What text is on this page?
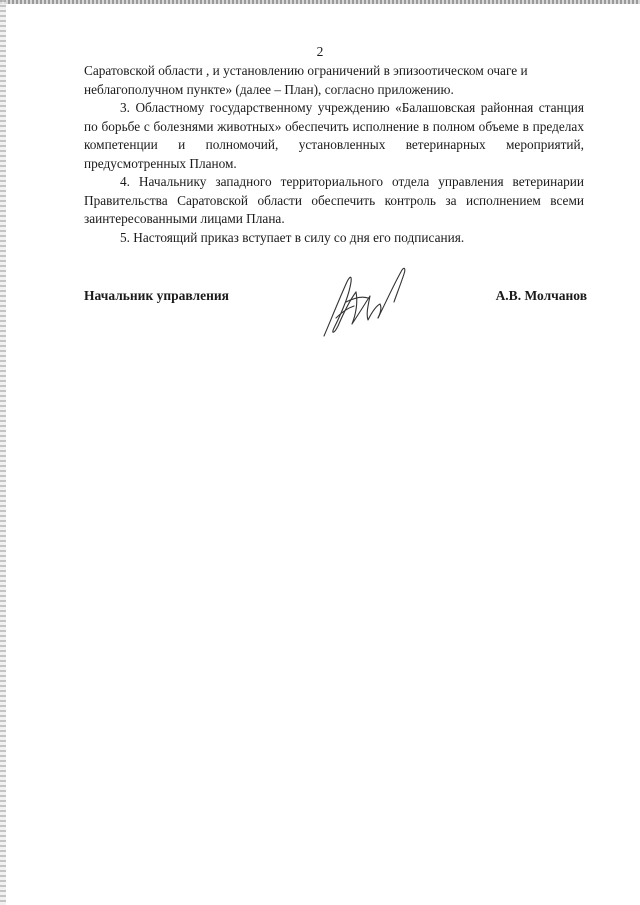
2

Саратовской области , и установлению ограничений в эпизоотическом очаге и неблагополучном пункте» (далее – План), согласно приложению.

3. Областному государственному учреждению «Балашовская районная станция по борьбе с болезнями животных» обеспечить исполнение в полном объеме в пределах компетенции и полномочий, установленных ветеринарных мероприятий, предусмотренных Планом.

4. Начальнику западного территориального отдела управления ветеринарии Правительства Саратовской области обеспечить контроль за исполнением всеми заинтересованными лицами Плана.

5. Настоящий приказ вступает в силу со дня его подписания.

Начальник управления	А.В. Молчанов
